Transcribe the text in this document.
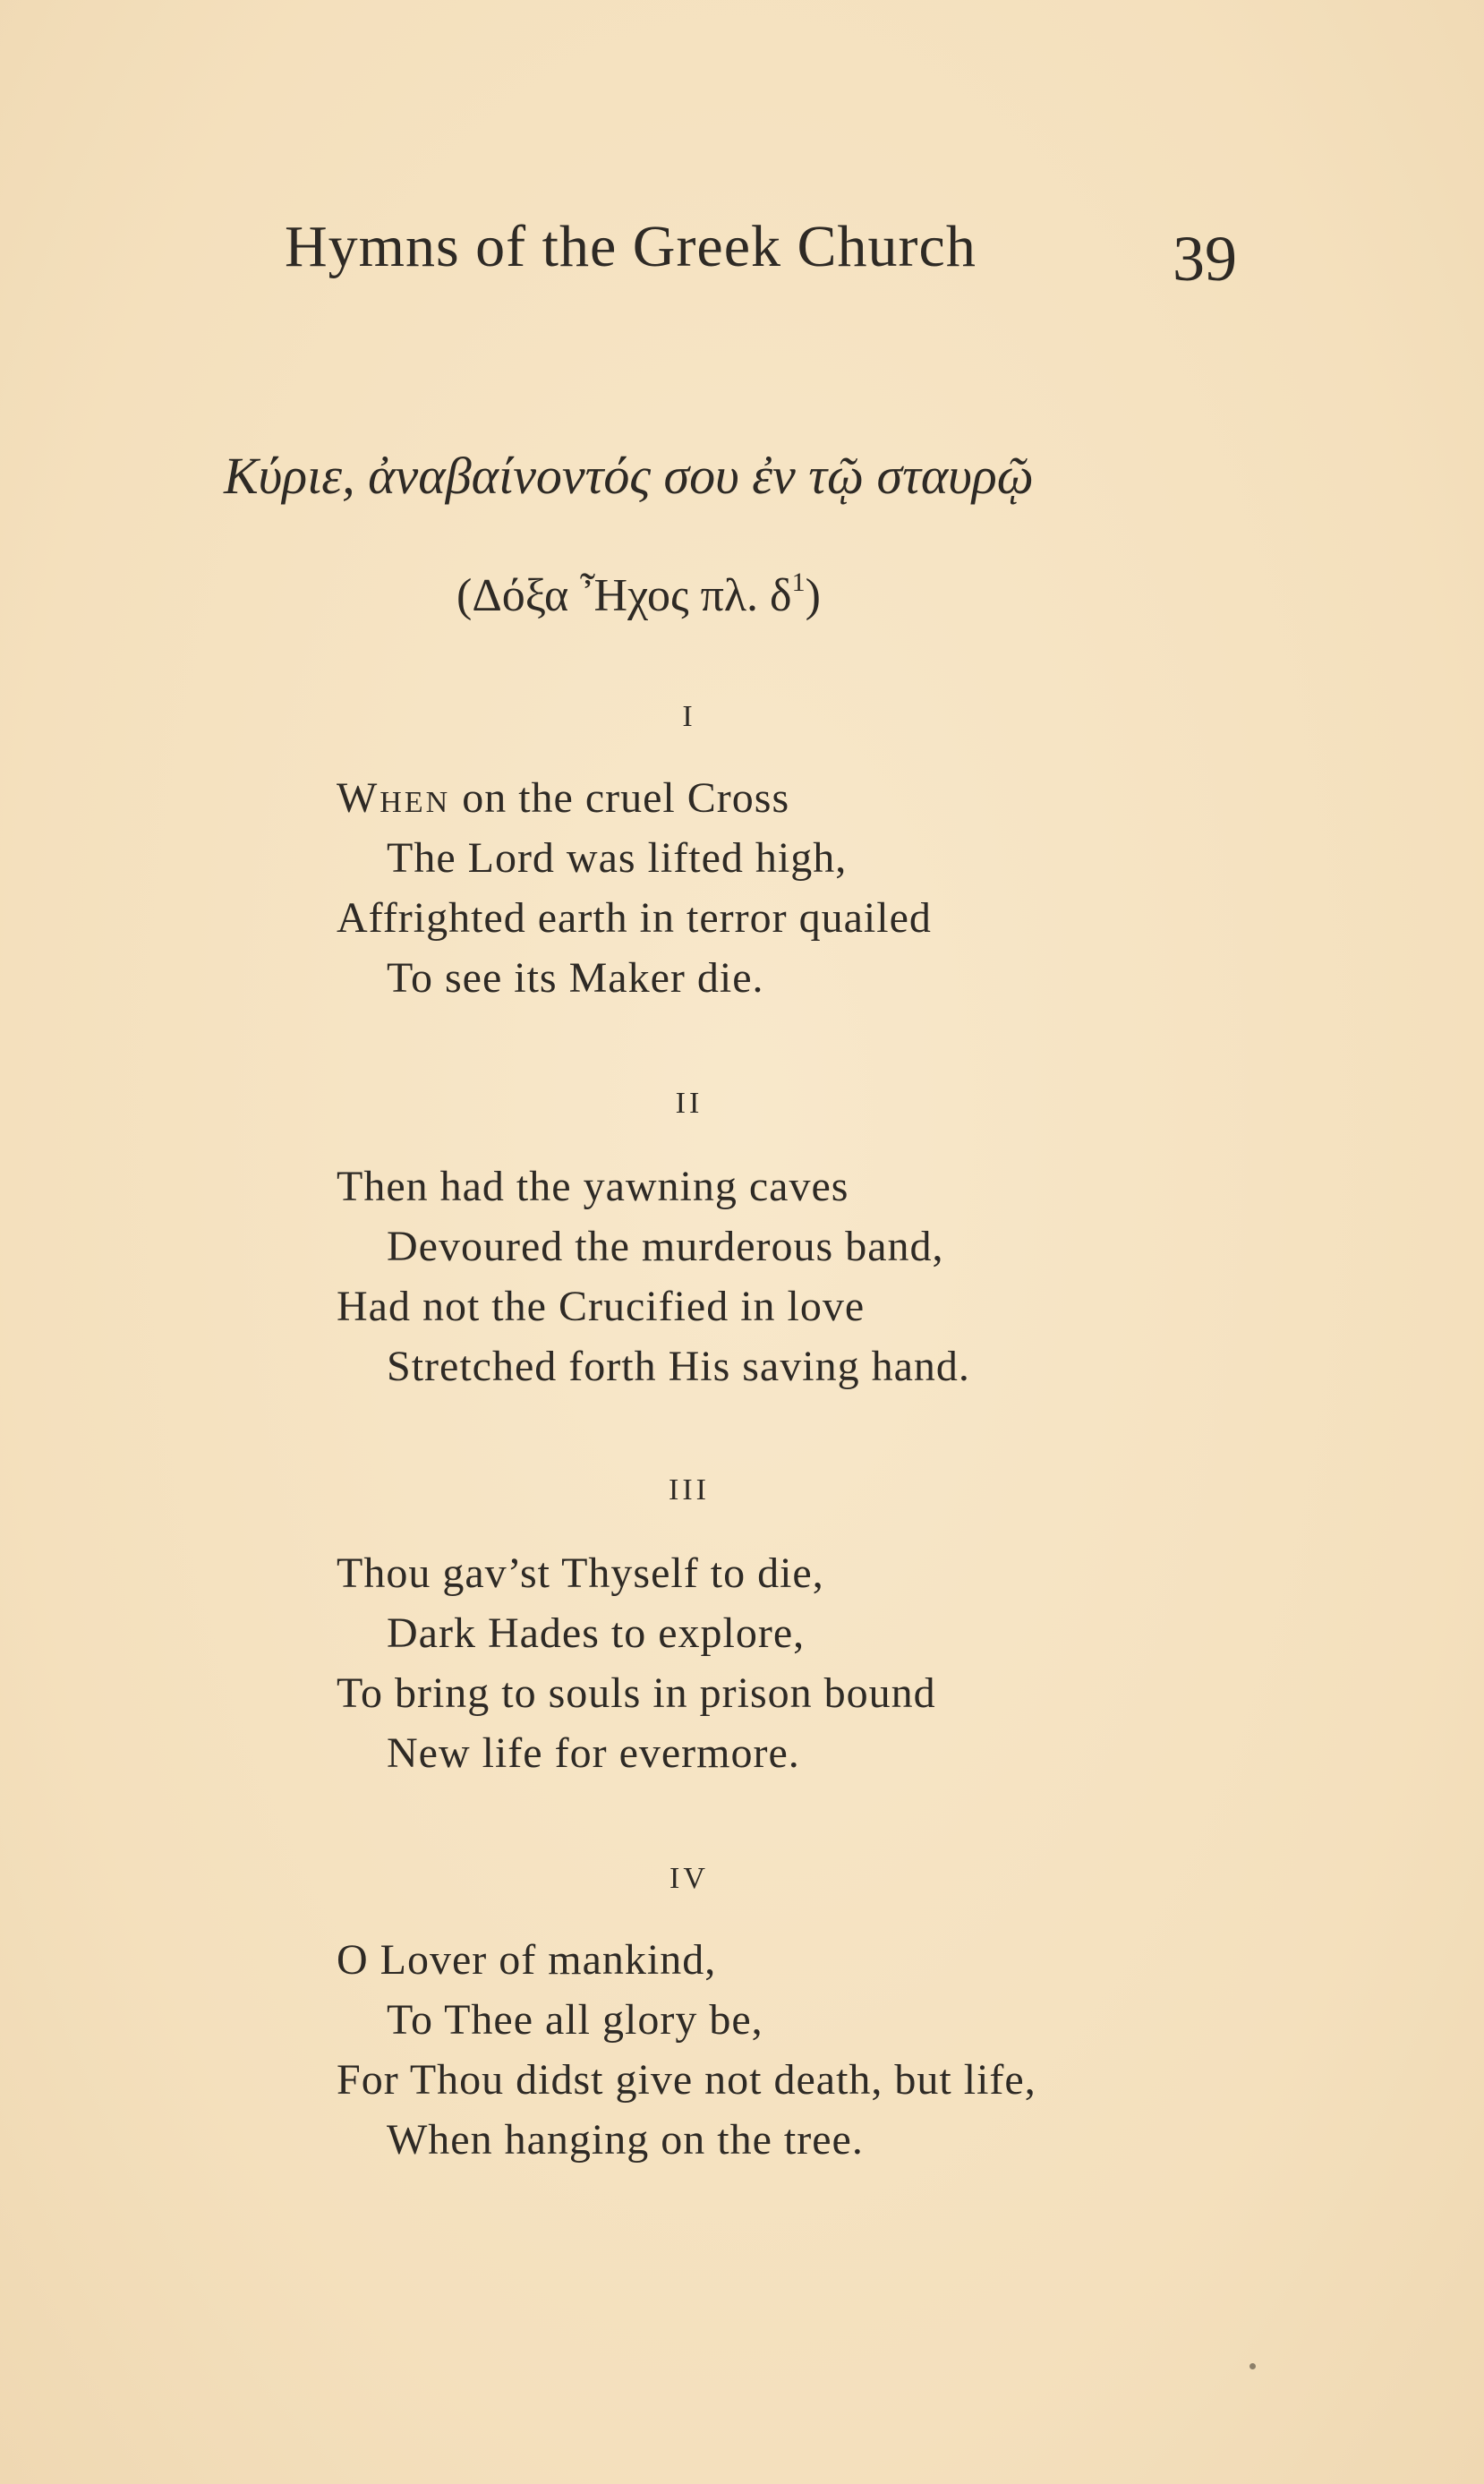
Hymns of the Greek Church	39
Κύριε, ἀναβαίνοντός σου ἐν τῷ σταυρῷ
(Δόξα Ἦχος πλ. $\delta^1$)
I
When on the cruel Cross
The Lord was lifted high,
Affrighted earth in terror quailed
To see its Maker die.
II
Then had the yawning caves
Devoured the murderous band,
Had not the Crucified in love
Stretched forth His saving hand.
III
Thou gav’st Thyself to die,
Dark Hades to explore,
To bring to souls in prison bound
New life for evermore.
IV
O Lover of mankind,
To Thee all glory be,
For Thou didst give not death, but life,
When hanging on the tree.
